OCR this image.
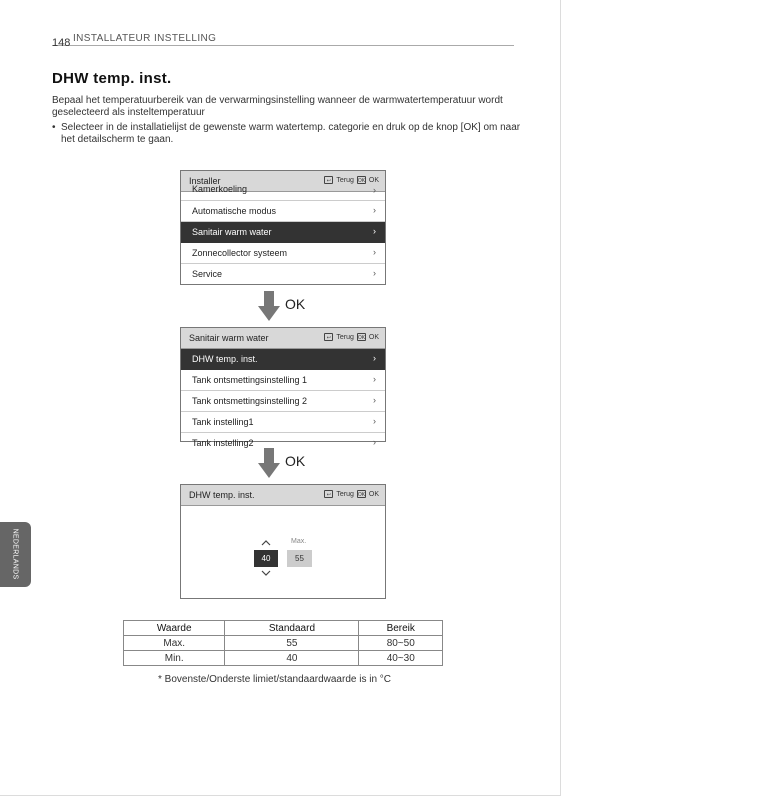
148 INSTALLATEUR INSTELLING
DHW temp. inst.
Bepaal het temperatuurbereik van de verwarmingsinstelling wanneer de warmwatertemperatuur wordt geselecteerd als insteltemperatuur
• Selecteer in de installatielijst de gewenste warm watertemp. categorie en druk op de knop [OK] om naar het detailscherm te gaan.
Installer	↩ Terug OK OK
Kamerkoeling	›
Automatische modus	›
Sanitair warm water	›
Zonnecollector systeem	›
Service	›
OK
Sanitair warm water	↩ Terug OK OK
DHW temp. inst.	›
Tank ontsmettingsinstelling 1	›
Tank ontsmettingsinstelling 2	›
Tank instelling1	›
Tank instelling2	›
OK
DHW temp. inst.	↩ Terug OK OK
40
Max.
55
Waarde	Standaard	Bereik
Max.	55	80~50
Min.	40	40~30
* Bovenste/Onderste limiet/standaardwaarde is in °C
NEDERLANDS
